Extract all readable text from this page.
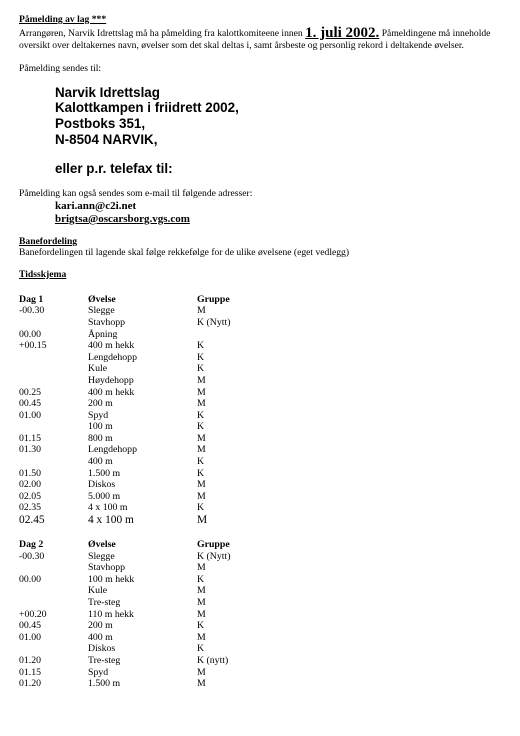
Påmelding av lag ***
Arrangøren, Narvik Idrettslag må ha påmelding fra kalottkomiteene innen 1. juli 2002. Påmeldingene må inneholde oversikt over deltakernes navn, øvelser som det skal deltas i, samt årsbeste og personlig rekord i deltakende øvelser.
Påmelding sendes til:
Narvik Idrettslag
Kalottkampen i friidrett 2002,
Postboks 351,
N-8504 NARVIK,
eller p.r. telefax til:
Påmelding kan også sendes som e-mail til følgende adresser:
kari.ann@c2i.net
brigtsa@oscarsborg.vgs.com
Banefordeling
Banefordelingen til lagende skal følge rekkefølge for de ulike øvelsene (eget vedlegg)
Tidsskjema
Dag 1	Øvelse	Gruppe
-00.30	Slegge	M
	Stavhopp	K (Nytt)
00.00	Åpning	
+00.15	400 m hekk	K
	Lengdehopp	K
	Kule	K
	Høydehopp	M
00.25	400 m hekk	M
00.45	200 m	M
01.00	Spyd	K
	100 m	K
01.15	800 m	M
01.30	Lengdehopp	M
	400 m	K
01.50	1.500 m	K
02.00	Diskos	M
02.05	5.000 m	M
02.35	4 x 100 m	K
02.45	4 x 100 m	M
Dag 2	Øvelse	Gruppe
-00.30	Slegge	K (Nytt)
	Stavhopp	M
00.00	100 m hekk	K
	Kule	M
	Tre-steg	M
+00.20	110 m hekk	M
00.45	200 m	K
01.00	400 m	M
	Diskos	K
01.20	Tre-steg	K (nytt)
01.15	Spyd	M
01.20	1.500 m	M
